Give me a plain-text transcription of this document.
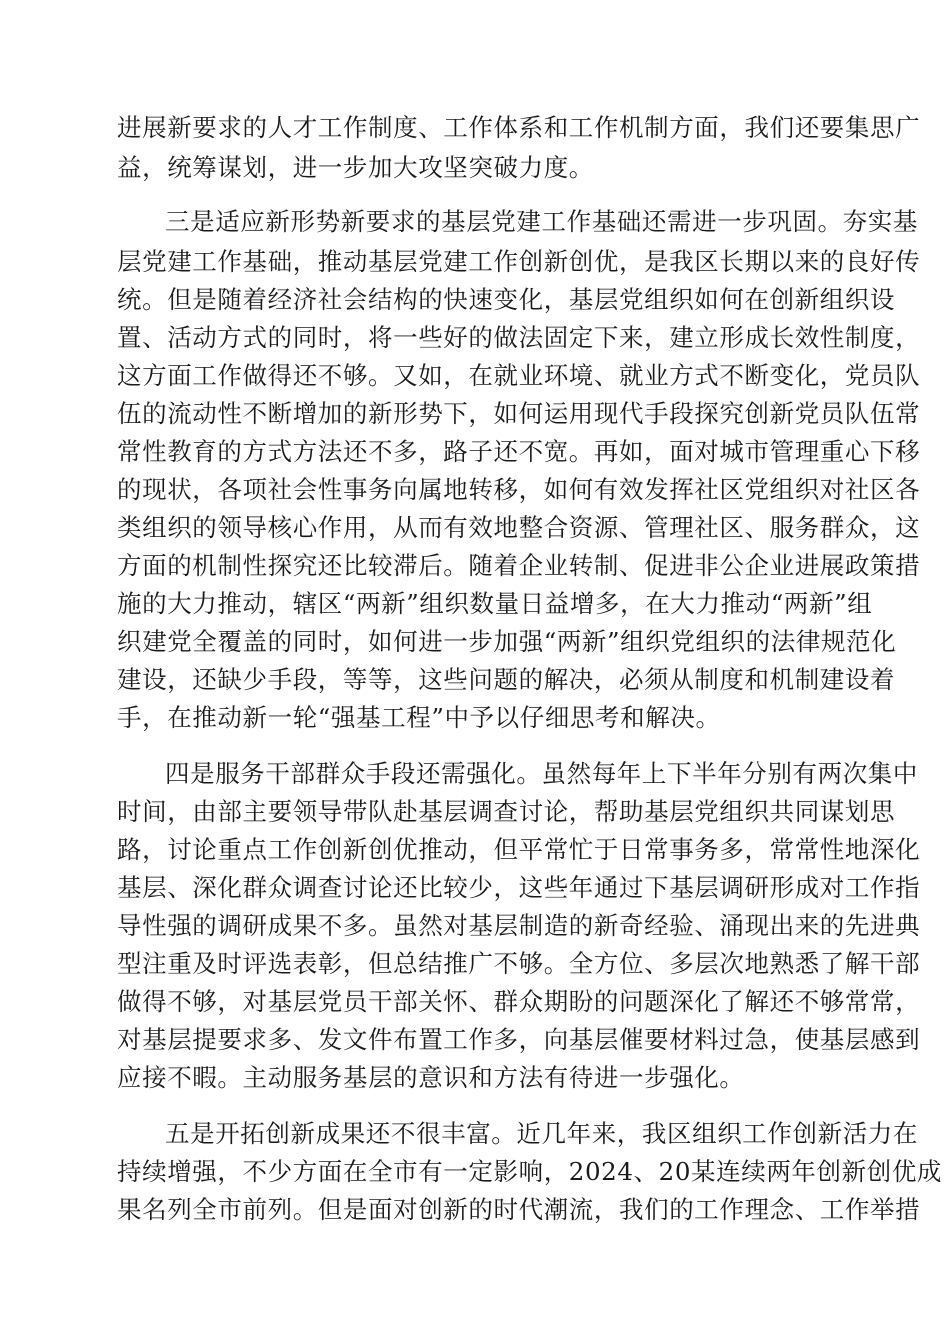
进展新要求的人才工作制度、工作体系和工作机制方面，我们还要集思广

益，统筹谋划，进一步加大攻坚突破力度。

三是适应新形势新要求的基层党建工作基础还需进一步巩固。夯实基

层党建工作基础，推动基层党建工作创新创优，是我区长期以来的良好传

统。但是随着经济社会结构的快速变化，基层党组织如何在创新组织设

置、活动方式的同时，将一些好的做法固定下来，建立形成长效性制度，

这方面工作做得还不够。又如，在就业环境、就业方式不断变化，党员队

伍的流动性不断增加的新形势下，如何运用现代手段探究创新党员队伍常

常性教育的方式方法还不多，路子还不宽。再如，面对城市管理重心下移

的现状，各项社会性事务向属地转移，如何有效发挥社区党组织对社区各

类组织的领导核心作用，从而有效地整合资源、管理社区、服务群众，这

方面的机制性探究还比较滞后。随着企业转制、促进非公企业进展政策措

施的大力推动，辖区“两新”组织数量日益增多，在大力推动“两新”组

织建党全覆盖的同时，如何进一步加强“两新”组织党组织的法律规范化

建设，还缺少手段，等等，这些问题的解决，必须从制度和机制建设着

手，在推动新一轮“强基工程”中予以仔细思考和解决。

四是服务干部群众手段还需强化。虽然每年上下半年分别有两次集中

时间，由部主要领导带队赴基层调查讨论，帮助基层党组织共同谋划思

路，讨论重点工作创新创优推动，但平常忙于日常事务多，常常性地深化

基层、深化群众调查讨论还比较少，这些年通过下基层调研形成对工作指

导性强的调研成果不多。虽然对基层制造的新奇经验、涌现出来的先进典

型注重及时评选表彰，但总结推广不够。全方位、多层次地熟悉了解干部

做得不够，对基层党员干部关怀、群众期盼的问题深化了解还不够常常，

对基层提要求多、发文件布置工作多，向基层催要材料过急，使基层感到

应接不暇。主动服务基层的意识和方法有待进一步强化。

五是开拓创新成果还不很丰富。近几年来，我区组织工作创新活力在

持续增强，不少方面在全市有一定影响，2024、20某连续两年创新创优成

果名列全市前列。但是面对创新的时代潮流，我们的工作理念、工作举措
